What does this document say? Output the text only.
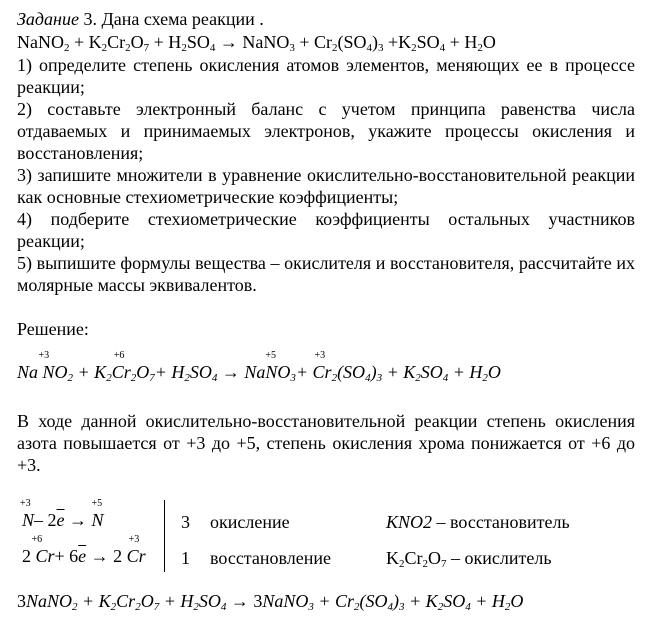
Задание 3. Дана схема реакции .
NaNO$_2$ + $K_2Cr_2O_7 + H_2SO_4$ → NaNO$_3$ + $Cr_2(SO_4)_3 +K_2SO_4 + H_2O$
1) определите степень окисления атомов элементов, меняющих ее в процессе реакции;
2) составьте электронный баланс с учетом принципа равенства числа отдаваемых и принимаемых электронов, укажите процессы окисления и восстановления;
3) запишите множители в уравнение окислительно-восстановительной реакции как основные стехиометрические коэффициенты;
4) подберите стехиометрические коэффициенты остальных участников реакции;
5) выпишите формулы вещества – окислителя и восстановителя, рассчитайте их молярные массы эквивалентов.
Решение:
Na N
+3
$O_2 + K_2Cr$
+6
$_2O_7+ H_2SO_4$ → NaN
+5
$O_3+ Cr$
+3
$_2(SO_4)_3 + K_2SO_4 + H_2O$
В ходе данной окислительно-восстановительной реакции степень окисления азота повышается от +3 до +5, степень окисления хрома понижается от +6 до +3.
N
+3
– $2\overline{e} \to N$
+5
3 окисление	KNO2 – восстановитель
2 Cr
+6
+ $6\overline{e} \to 2$ Cr
+3
1 восстановление	$K_2Cr_2O_7$ – окислитель
3NaNO$_2$ + $K_2Cr_2O_7 + H_2SO_4$ → 3NaNO$_3$ + $Cr_2(SO_4)_3 + K_2SO_4 + H_2O$
